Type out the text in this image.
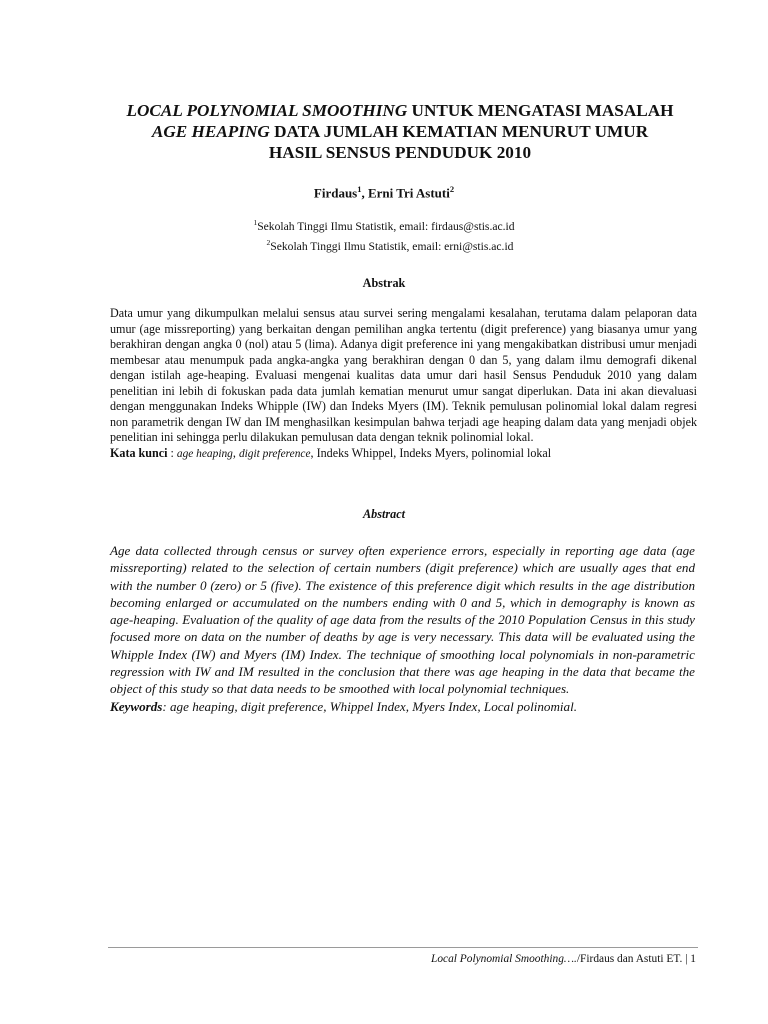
LOCAL POLYNOMIAL SMOOTHING UNTUK MENGATASI MASALAH
AGE HEAPING DATA JUMLAH KEMATIAN MENURUT UMUR
HASIL SENSUS PENDUDUK 2010
Firdaus$^1$, Erni Tri Astuti$^2$
$^1$Sekolah Tinggi Ilmu Statistik, email: firdaus@stis.ac.id
$^2$Sekolah Tinggi Ilmu Statistik, email: erni@stis.ac.id
Abstrak
Data umur yang dikumpulkan melalui sensus atau survei sering mengalami kesalahan, terutama dalam pelaporan data umur (age missreporting) yang berkaitan dengan pemilihan angka tertentu (digit preference) yang biasanya umur yang berakhiran dengan angka 0 (nol) atau 5 (lima). Adanya digit preference ini yang mengakibatkan distribusi umur menjadi membesar atau menumpuk pada angka-angka yang berakhiran dengan 0 dan 5, yang dalam ilmu demografi dikenal dengan istilah age-heaping. Evaluasi mengenai kualitas data umur dari hasil Sensus Penduduk 2010 yang dalam penelitian ini lebih di fokuskan pada data jumlah kematian menurut umur sangat diperlukan. Data ini akan dievaluasi dengan menggunakan Indeks Whipple (IW) dan Indeks Myers (IM). Teknik pemulusan polinomial lokal dalam regresi non parametrik dengan IW dan IM menghasilkan kesimpulan bahwa terjadi age heaping dalam data yang menjadi objek penelitian ini sehingga perlu dilakukan pemulusan data dengan teknik polinomial lokal.
Kata kunci : age heaping, digit preference, Indeks Whippel, Indeks Myers, polinomial lokal
Abstract
Age data collected through census or survey often experience errors, especially in reporting age data (age missreporting) related to the selection of certain numbers (digit preference) which are usually ages that end with the number 0 (zero) or 5 (five). The existence of this preference digit which results in the age distribution becoming enlarged or accumulated on the numbers ending with 0 and 5, which in demography is known as age-heaping. Evaluation of the quality of age data from the results of the 2010 Population Census in this study focused more on data on the number of deaths by age is very necessary. This data will be evaluated using the Whipple Index (IW) and Myers (IM) Index. The technique of smoothing local polynomials in non-parametric regression with IW and IM resulted in the conclusion that there was age heaping in the data that became the object of this study so that data needs to be smoothed with local polynomial techniques.
Keywords: age heaping, digit preference, Whippel Index, Myers Index, Local polinomial.
Local Polynomial Smoothing…./Firdaus dan Astuti ET. | 1
